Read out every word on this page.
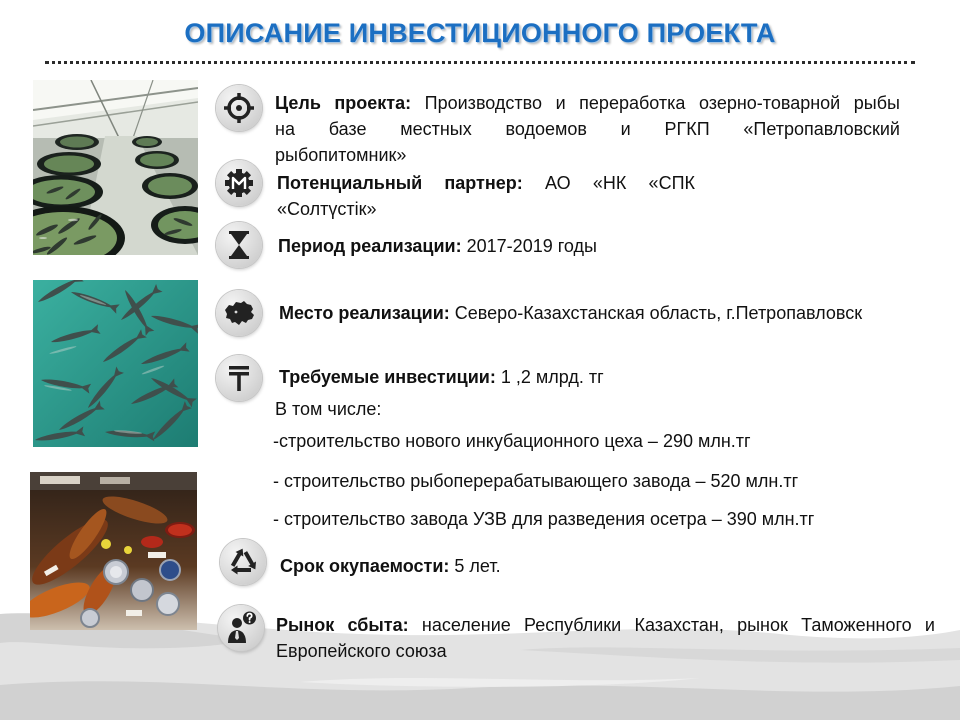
ОПИСАНИЕ ИНВЕСТИЦИОННОГО ПРОЕКТА
Цель проекта: Производство и переработка озерно-товарной рыбы
на базе местных водоемов и РГКП «Петропавловский
рыбопитомник»
Потенциальный партнер: АО «НК «СПК
«Солтүстік»
Период реализации: 2017-2019 годы
Место реализации: Северо-Казахстанская область, г.Петропавловск
Требуемые инвестиции: 1 ,2 млрд. тг
В том числе:
-строительство нового инкубационного цеха – 290 млн.тг
- строительство рыбоперерабатывающего завода – 520 млн.тг
- строительство завода УЗВ для разведения осетра – 390 млн.тг
Срок окупаемости: 5 лет.
Рынок сбыта: население Республики Казахстан, рынок Таможенного и
Европейского союза
